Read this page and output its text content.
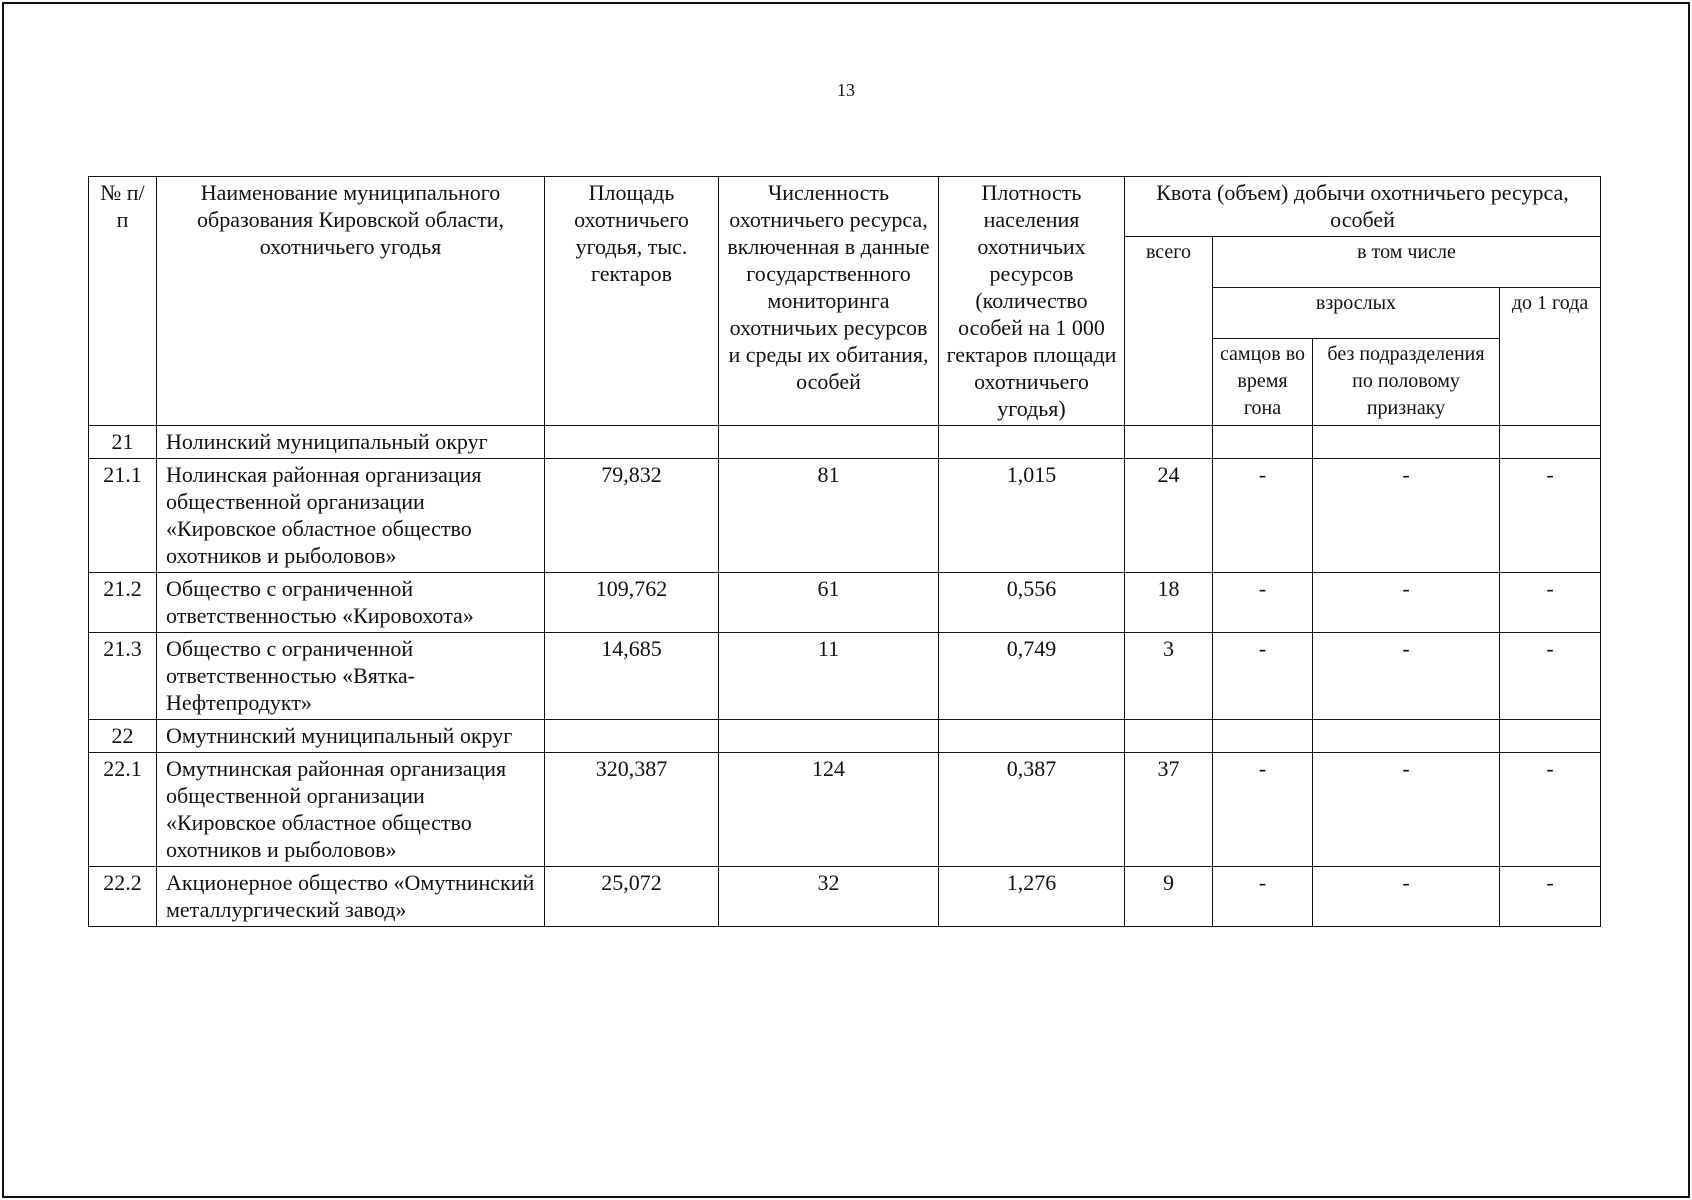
13
№ п/п	Наименование муниципального образования Кировской области, охотничьего угодья	Площадь охотничьего угодья, тыс. гектаров	Численность охотничьего ресурса, включенная в данные государственного мониторинга охотничьих ресурсов и среды их обитания, особей	Плотность населения охотничьих ресурсов (количество особей на 1 000 гектаров площади охотничьего угодья)	Квота (объем) добычи охотничьего ресурса, особей			
					всего	в том числе		
						взрослых		до 1 года
						самцов во время гона	без подразделения по половому признаку	
21	Нолинский муниципальный округ							
21.1	Нолинская районная организация общественной организации «Кировское областное общество охотников и рыболовов»	79,832	81	1,015	24	-	-	-
21.2	Общество с ограниченной ответственностью «Кировохота»	109,762	61	0,556	18	-	-	-
21.3	Общество с ограниченной ответственностью «Вятка-Нефтепродукт»	14,685	11	0,749	3	-	-	-
22	Омутнинский муниципальный округ							
22.1	Омутнинская районная организация общественной организации «Кировское областное общество охотников и рыболовов»	320,387	124	0,387	37	-	-	-
22.2	Акционерное общество «Омутнинский металлургический завод»	25,072	32	1,276	9	-	-	-
